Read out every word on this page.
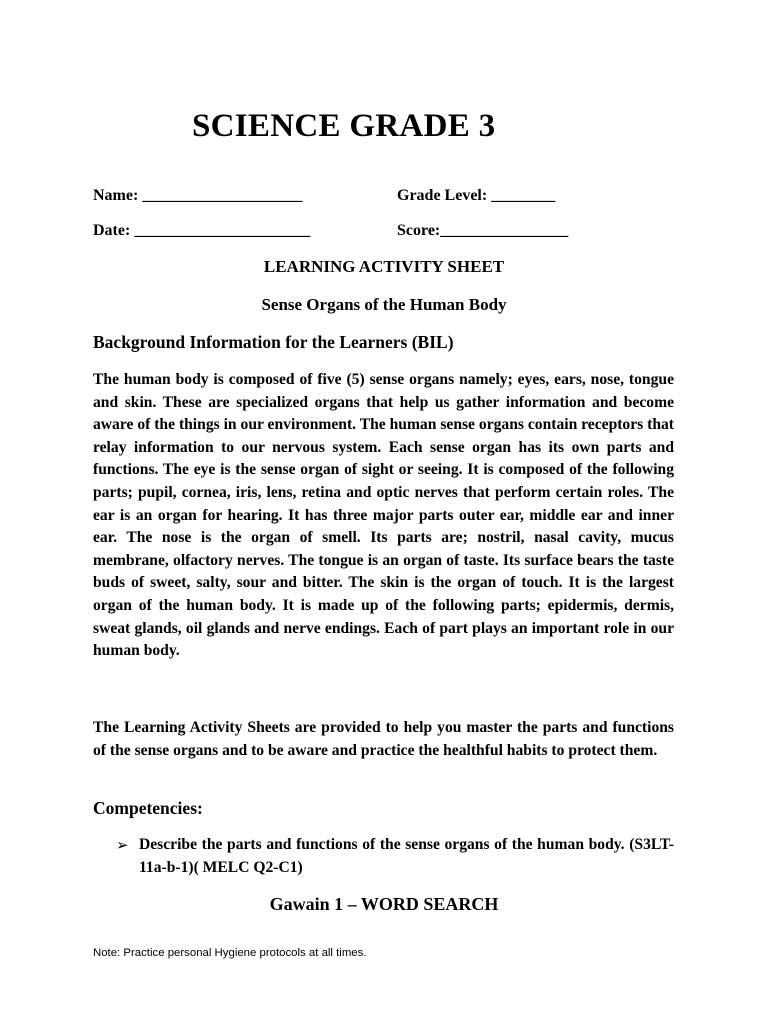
SCIENCE GRADE 3
Name: ____________________	Grade Level: ________
Date: ______________________	Score:________________
LEARNING ACTIVITY SHEET
Sense Organs of the Human Body
Background Information for the Learners (BIL)

The human body is composed of five (5) sense organs namely; eyes, ears, nose, tongue and skin. These are specialized organs that help us gather information and become aware of the things in our environment. The human sense organs contain receptors that relay information to our nervous system. Each sense organ has its own parts and functions. The eye is the sense organ of sight or seeing. It is composed of the following parts; pupil, cornea, iris, lens, retina and optic nerves that perform certain roles. The ear is an organ for hearing. It has three major parts outer ear, middle ear and inner ear. The nose is the organ of smell. Its parts are; nostril, nasal cavity, mucus membrane, olfactory nerves. The tongue is an organ of taste. Its surface bears the taste buds of sweet, salty, sour and bitter. The skin is the organ of touch. It is the largest organ of the human body. It is made up of the following parts; epidermis, dermis, sweat glands, oil glands and nerve endings. Each of part plays an important role in our human body.

The Learning Activity Sheets are provided to help you master the parts and functions of the sense organs and to be aware and practice the healthful habits to protect them.

Competencies:
➢ Describe the parts and functions of the sense organs of the human body. (S3LT-11a-b-1)( MELC Q2-C1)
Gawain 1 – WORD SEARCH
Note: Practice personal Hygiene protocols at all times.
